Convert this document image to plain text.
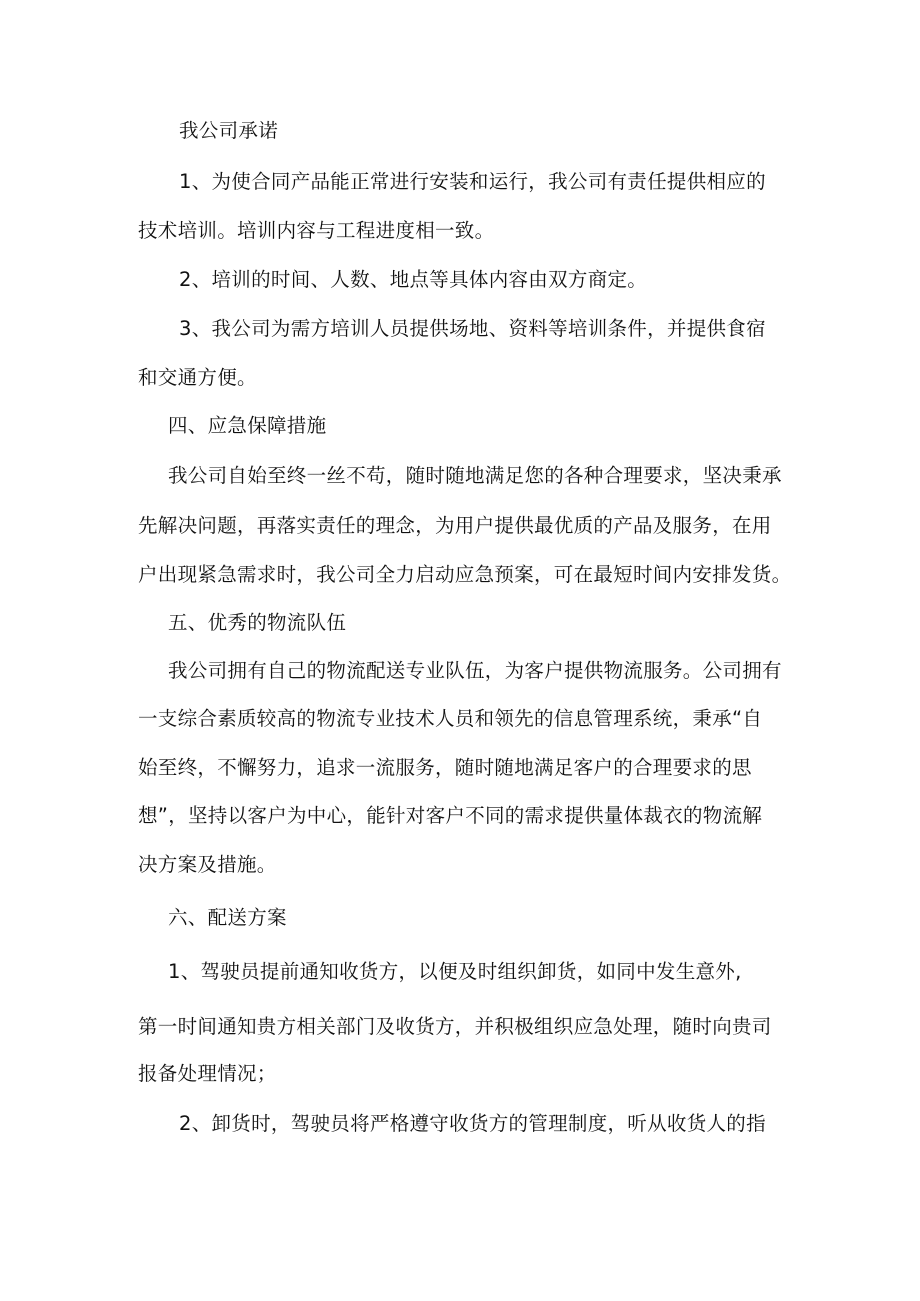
我公司承诺
1、为使合同产品能正常进行安装和运行，我公司有责任提供相应的
技术培训。培训内容与工程进度相一致。
2、培训的时间、人数、地点等具体内容由双方商定。
3、我公司为需方培训人员提供场地、资料等培训条件，并提供食宿
和交通方便。
四、应急保障措施
我公司自始至终一丝不苟，随时随地满足您的各种合理要求，坚决秉承
先解决问题，再落实责任的理念，为用户提供最优质的产品及服务，在用
户出现紧急需求时，我公司全力启动应急预案，可在最短时间内安排发货。
五、优秀的物流队伍
我公司拥有自己的物流配送专业队伍，为客户提供物流服务。公司拥有
一支综合素质较高的物流专业技术人员和领先的信息管理系统，秉承“自
始至终，不懈努力，追求一流服务，随时随地满足客户的合理要求的思
想”，坚持以客户为中心，能针对客户不同的需求提供量体裁衣的物流解
决方案及措施。
六、配送方案
1、驾驶员提前通知收货方，以便及时组织卸货，如同中发生意外,
第一时间通知贵方相关部门及收货方，并积极组织应急处理，随时向贵司
报备处理情况；
2、卸货时，驾驶员将严格遵守收货方的管理制度，听从收货人的指
